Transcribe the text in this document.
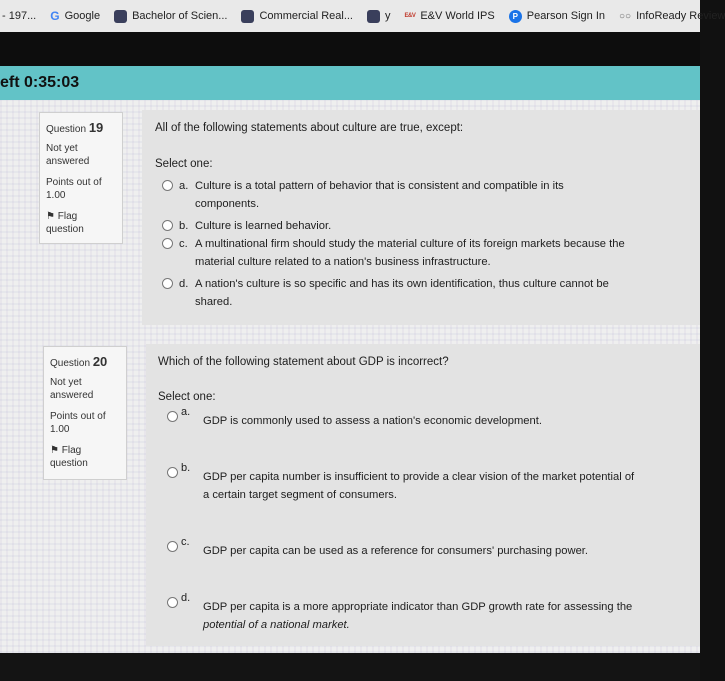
- 197... G Google	Bachelor of Scien...	Commercial Real...	y E&V E&V World IPS	P Pearson Sign In ○○ InfoReady Review
eft 0:35:03
Question 19
Not yet
answered
Points out of
1.00
⚑ Flag
question
All of the following statements about culture are true, except:
Select one:
a. Culture is a total pattern of behavior that is consistent and compatible in its
components.
b. Culture is learned behavior.
c. A multinational firm should study the material culture of its foreign markets because the
material culture related to a nation's business infrastructure.
d. A nation's culture is so specific and has its own identification, thus culture cannot be
shared.
Question 20
Not yet
answered
Points out of
1.00
⚑ Flag
question
Which of the following statement about GDP is incorrect?
Select one:
a.
GDP is commonly used to assess a nation's economic development.
b.
GDP per capita number is insufficient to provide a clear vision of the market potential of
a certain target segment of consumers.
c.
GDP per capita can be used as a reference for consumers' purchasing power.
d.
GDP per capita is a more appropriate indicator than GDP growth rate for assessing the
potential of a national market.
